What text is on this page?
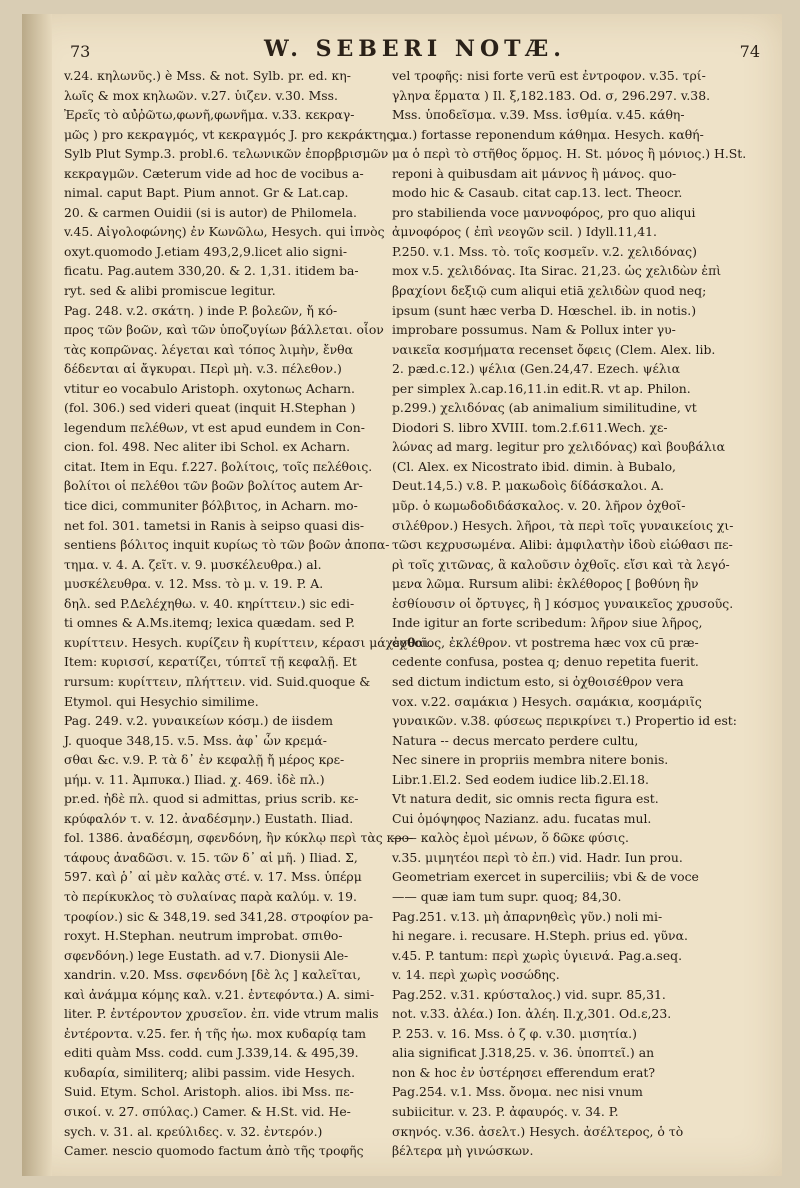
73	W. SEBERI NOTÆ.	74
v.24. κηλωνῦς.) è Mss. & not. Sylb. pr. ed. κη-
λωῖς & mox κηλωῶν. v.27. ὑιζεν. v.30. Mss.
Ἐρεῖς τὸ αὐ̓ῤῶτω,φωνῆ,φωνῆμα. v.33. κεκραγ-
μῶς ) pro κεκραγμός, vt κεκραγμός J. pro κεκράκτης.
Sylb Plut Symp.3. probl.6. τελωνικῶν ἐπορβρισμῶν
κεκραγμῶν. Cæterum vide ad hoc de vocibus a-
nimal. caput Bapt. Pium annot. Gr & Lat.cap.
20. & carmen Ouidii (si is autor) de Philomela.
v.45. Αἰγολοφώνης) ἐν Κωνῶλω, Hesych. qui ἰπνὸς
oxyt.quomodo J.etiam 493,2,9.licet alio signi-
ficatu. Pag.autem 330,20. & 2. 1,31. itidem ba-
ryt. sed & alibi promiscue legitur.
Pag. 248. v.2. σκάτη. ) inde P. βολεῶν, ἤ κό-
προς τῶν βοῶν, καὶ τῶν ὑποζυγίων βάλλεται. οἷον
τὰς κοπρῶνας. λέγεται καὶ τόπος λιμὴν, ἔνθα
δέδενται αἱ ἄγκυραι. Περὶ μὴ. v.3. πέλεθον.)
vtitur eo vocabulo Aristoph. oxytonως Acharn.
(fol. 306.) sed videri queat (inquit H.Stephan )
legendum πελέθων, vt est apud eundem in Con-
cion. fol. 498. Nec aliter ibi Schol. ex Acharn.
citat. Item in Equ. f.227. βολίτοις, τοῖς πελέθοις.
βολίτοι οἱ πελέθοι τῶν βοῶν βολίτος autem Ar-
tice dici, communiter βόλβιτος, in Acharn. mo-
net fol. 301. tametsi in Ranis à seipso quasi dis-
sentiens βόλιτος inquit κυρίως τὸ τῶν βοῶν ἀποπα-
τημα. v. 4. Α. ζεῖτ. v. 9. μυσκέλευθρα.) al.
μυσκέλευθρα. v. 12. Mss. τὸ μ. v. 19. P. Α.
δηλ. sed P.Δελέχηθω. v. 40. κηρίττειν.) sic edi-
ti omnes & A.Ms.itemq; lexica quædam. sed P.
κυρίττειν. Hesych. κυρίζειν ἢ κυρίττειν, κέρασι μάχεσθαι.
Item: κυρισσί, κερατίζει, τύπτεῖ τῇ κεφαλῇ. Et
rursum: κυρίττειν, πλήττειν. vid. Suid.quoque &
Etymol. qui Hesychio similime.
Pag. 249. v.2. γυναικείων κόσμ.) de iisdem
J. quoque 348,15. v.5. Mss. ἀφ᾽ ὧν κρεμά-
σθαι &c. v.9. P. τὰ δ᾽ ἐν κεφαλῇ ἤ μέρος κρε-
μήμ. v. 11. Ἀμπυκα.) Iliad. χ. 469. ἰδὲ πλ.)
pr.ed. ἠδὲ πλ. quod si admittas, prius scrib. κε-
κρύφαλόν τ. v. 12. ἀναδέσμην.) Eustath. Iliad.
fol. 1386. ἀναδέσμη, σφενδόνη, ἢν κύκλῳ περὶ τὰς κρο-
τάφους ἀναδῶσι. v. 15. τῶν δ᾽ αἱ μῆ. ) Iliad. Σ,
597. καὶ ῥ᾽ αἱ μὲν καλὰς στέ. v. 17. Mss. ὑπέρμ
τὸ περίκυκλος τὸ συλαίνας παρὰ καλύμ. v. 19.
τροφίον.) sic & 348,19. sed 341,28. στροφίον pa-
roxyt. H.Stephan. neutrum improbat. σπιθο-
σφενδόνη.) lege Eustath. ad v.7. Dionysii Ale-
xandrin. v.20. Mss. σφενδόνη [δὲ λς ] καλεῖται,
καὶ ἀνάμμα κόμης καλ. v.21. ἐντεφόντα.) A. simi-
liter. P. ἐντέροντον χρυσεῖον. ἐπ. vide vtrum malis
ἐντέροντα. v.25. fer. ἡ τῆς ἡω. mox κυδαρίᾳ tam
editi quàm Mss. codd. cum J.339,14. & 495,39.
κυδαρία, similiterq; alibi passim. vide Hesych.
Suid. Etym. Schol. Aristoph. alios. ibi Mss. πε-
σικοί. v. 27. σπύλας.) Camer. & H.St. vid. He-
sych. v. 31. al. κρεύλιδες. v. 32. ἐντερόν.)
Camer. nescio quomodo factum ἀπὸ τῆς τροφῆς
vel τροφῆς: nisi forte verū est ἐντροφον. v.35. τρί-
γληνα ἕρματα ) Il. ξ,182.183. Od. σ, 296.297. v.38.
Mss. ὑποδεῖσμα. v.39. Mss. ἱσθμία. v.45. κάθη-
μα.) fortasse reponendum κάθημα. Hesych. καθή-
μα ὁ περὶ τὸ στῆθος ὅρμος. H. St. μόνος ἢ μόνιος.) H.St.
reponi à quibusdam ait μάννος ἢ μάνος. quo-
modo hic & Casaub. citat cap.13. lect. Theocr.
pro stabilienda voce μαννοφόρος, pro quo aliqui
ἀμνοφόρος ( ἐπὶ νεογῶν scil. ) Idyll.11,41.
P.250. v.1. Mss. τὸ. τοῖς κοσμεῖν. v.2. χελιδόνας)
mox v.5. χελιδόνας. Ita Sirac. 21,23. ὡς χελιδὼν ἐπὶ
βραχίονι δεξιῷ cum aliqui etiā χελιδὼν quod neq;
ipsum (sunt hæc verba D. Hœschel. ib. in notis.)
improbare possumus. Nam & Pollux inter γυ-
ναικεῖα κοσμήματα recenset ὄφεις (Clem. Alex. lib.
2. pæd.c.12.) ψέλια (Gen.24,47. Ezech. ψέλια
per simplex λ.cap.16,11.in edit.R. vt ap. Philon.
p.299.) χελιδόνας (ab animalium similitudine, vt
Diodori S. libro XVIII. tom.2.f.611.Wech. χε-
λώνας ad marg. legitur pro χελιδόνας) καὶ βουβάλια
(Cl. Alex. ex Nicostrato ibid. dimin. à Bubalo,
Deut.14,5.) v.8. P. μακωδοὶς δίδάσκαλοι. A.
μῦρ. ὁ κωμωδοδιδάσκαλος. v. 20. λῆρον ὀχθοῖ-
σιλέθρον.) Hesych. λῆροι, τὰ περὶ τοῖς γυναικείοις χι-
τῶσι κεχρυσωμένα. Alibi: ἀμφιλατὴν ἰδοὺ εἰώθασι πε-
ρὶ τοῖς χιτῶνας, ἃ καλοῦσιν ὀχθοῖς. εἴσι καὶ τὰ λεγό-
μενα λῶμα. Rursum alibi: ἐκλέθορος [ βοθύνη ἢν
ἐσθίουσιν οἱ ὄρτυγες, ἢ ] κόσμος γυναικεῖος χρυσοῦς.
Inde igitur an forte scribedum: λῆρον siue λῆρος,
ὀχθοῖος, ἐκλέθρον. vt postrema hæc vox cū præ-
cedente confusa, postea q; denuo repetita fuerit.
sed dictum indictum esto, si ὀχθοισέθρον vera
vox. v.22. σαμάκια ) Hesych. σαμάκια, κοσμάριῖς
γυναικῶν. v.38. φύσεως περικρίνει τ.) Propertio id est:
Natura -- decus mercato perdere cultu,
Nec sinere in propriis membra nitere bonis.
Libr.1.El.2. Sed eodem iudice lib.2.El.18.
Vt natura dedit, sic omnis recta figura est.
Cui ὁμόψηφος Nazianz. adu. fucatas mul.
—— καλὸς ἐμοὶ μένων, ὅ δῶκε φύσις.
v.35. μιμητέοι περὶ τὸ ἐπ.) vid. Hadr. Iun prou.
Geometriam exercet in superciliis; vbi & de voce
—— quæ iam tum supr. quoq; 84,30.
Pag.251. v.13. μὴ ἀπαρνηθεὶς γῦν.) noli mi-
hi negare. i. recusare. H.Steph. prius ed. γῦνα.
v.45. P. tantum: περὶ χωρὶς ὑγιεινά. Pag.a.seq.
v. 14. περὶ χωρὶς νοσώδης.
Pag.252. v.31. κρύσταλος.) vid. supr. 85,31.
not. v.33. ἀλέα.) Ion. ἀλέη. Il.χ,301. Od.ε,23.
P. 253. v. 16. Mss. ὁ ζ φ. v.30. μισητία.)
alia significat J.318,25. v. 36. ὑποπτεῖ.) an
non & hoc ἐν ὑστέρησει efferendum erat?
Pag.254. v.1. Mss. ὄνομα. nec nisi vnum
subiicitur. v. 23. P. ἀφαυρός. v. 34. P.
σκηνός. v.36. ἀσελτ.) Hesych. ἀσέλτερος, ὁ τὸ
βέλτερα μὴ γινώσκων.
